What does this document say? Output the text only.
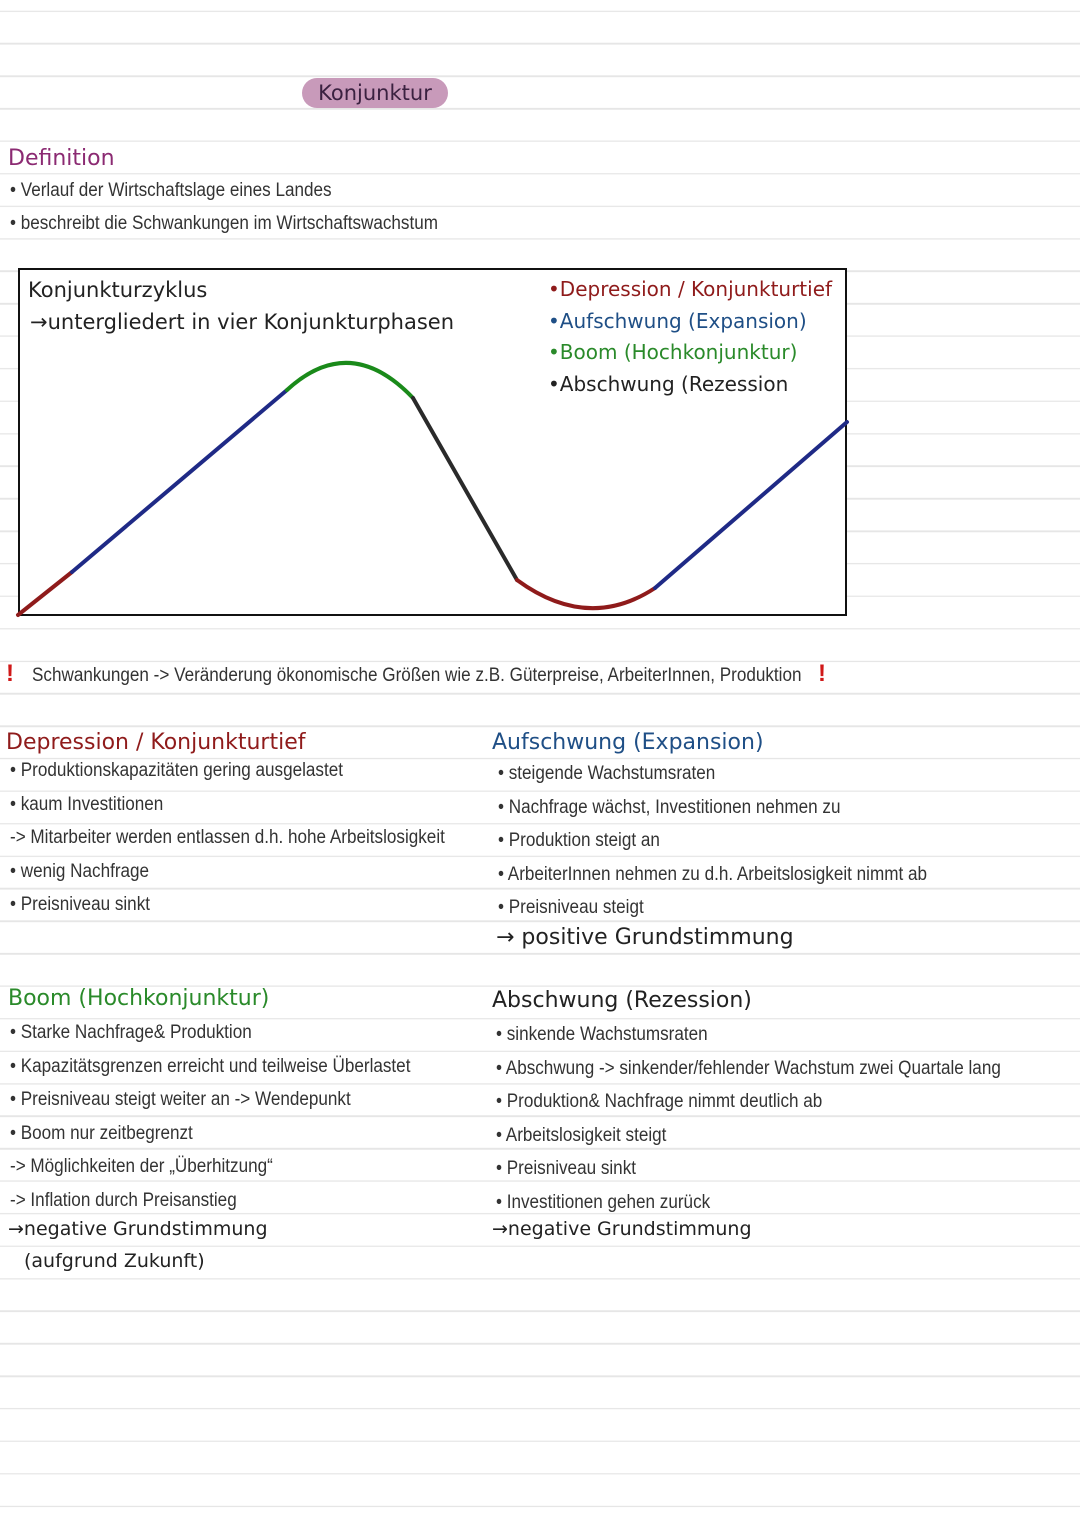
Konjunktur
Definition
• Verlauf der Wirtschaftslage eines Landes
• beschreibt die Schwankungen im Wirtschaftswachstum
Konjunkturzyklus
→untergliedert in vier Konjunkturphasen
•Depression / Konjunkturtief
•Aufschwung (Expansion)
•Boom (Hochkonjunktur)
•Abschwung (Rezession
! Schwankungen -> Veränderung ökonomische Größen wie z.B. Güterpreise, ArbeiterInnen, Produktion !
Depression / Konjunkturtief
• Produktionskapazitäten gering ausgelastet
• kaum Investitionen
-> Mitarbeiter werden entlassen d.h. hohe Arbeitslosigkeit
• wenig Nachfrage
• Preisniveau sinkt
Aufschwung (Expansion)
• steigende Wachstumsraten
• Nachfrage wächst, Investitionen nehmen zu
• Produktion steigt an
• ArbeiterInnen nehmen zu d.h. Arbeitslosigkeit nimmt ab
• Preisniveau steigt
→ positive Grundstimmung
Boom (Hochkonjunktur)
• Starke Nachfrage& Produktion
• Kapazitätsgrenzen erreicht und teilweise Überlastet
• Preisniveau steigt weiter an -> Wendepunkt
• Boom nur zeitbegrenzt
-> Möglichkeiten der „Überhitzung“
-> Inflation durch Preisanstieg
→negative Grundstimmung
(aufgrund Zukunft)
Abschwung (Rezession)
• sinkende Wachstumsraten
• Abschwung -> sinkender/fehlender Wachstum zwei Quartale lang
• Produktion& Nachfrage nimmt deutlich ab
• Arbeitslosigkeit steigt
• Preisniveau sinkt
• Investitionen gehen zurück
→negative Grundstimmung
